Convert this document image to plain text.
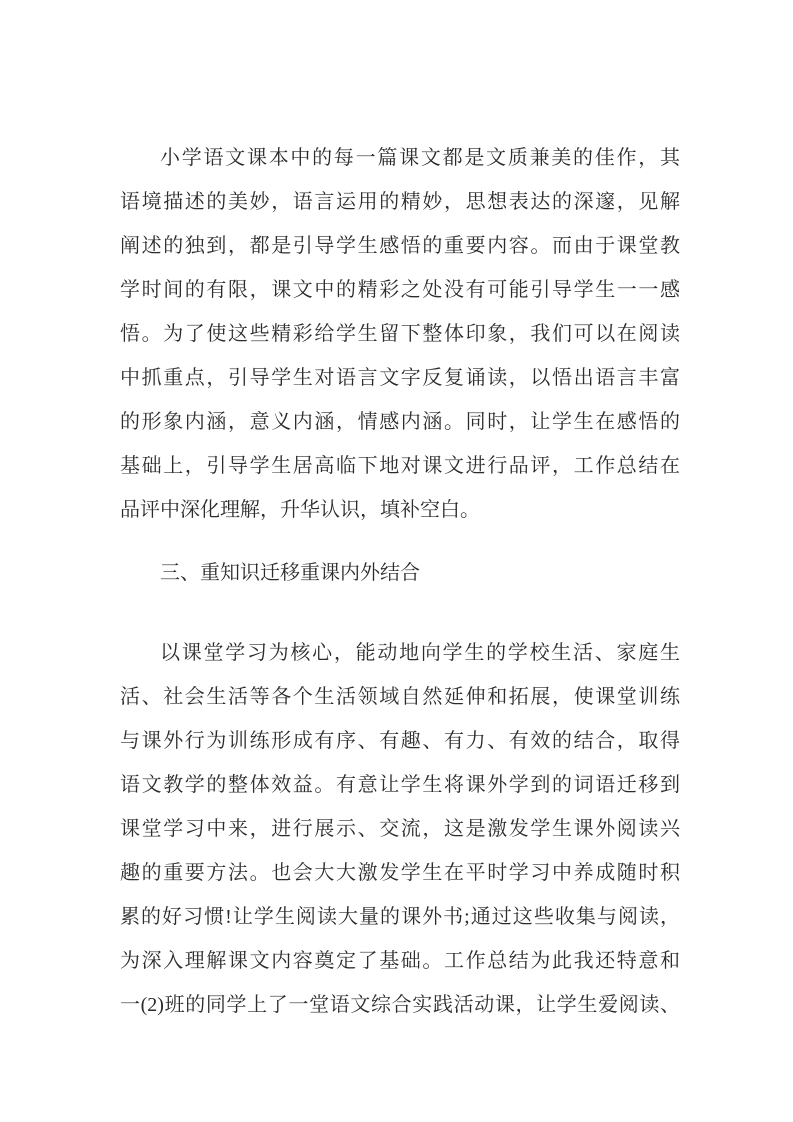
小学语文课本中的每一篇课文都是文质兼美的佳作，其
语境描述的美妙，语言运用的精妙，思想表达的深邃，见解
阐述的独到，都是引导学生感悟的重要内容。而由于课堂教
学时间的有限，课文中的精彩之处没有可能引导学生一一感
悟。为了使这些精彩给学生留下整体印象，我们可以在阅读
中抓重点，引导学生对语言文字反复诵读，以悟出语言丰富
的形象内涵，意义内涵，情感内涵。同时，让学生在感悟的
基础上，引导学生居高临下地对课文进行品评，工作总结在
品评中深化理解，升华认识，填补空白。
三、重知识迁移重课内外结合
以课堂学习为核心，能动地向学生的学校生活、家庭生
活、社会生活等各个生活领域自然延伸和拓展，使课堂训练
与课外行为训练形成有序、有趣、有力、有效的结合，取得
语文教学的整体效益。有意让学生将课外学到的词语迁移到
课堂学习中来，进行展示、交流，这是激发学生课外阅读兴
趣的重要方法。也会大大激发学生在平时学习中养成随时积
累的好习惯!让学生阅读大量的课外书;通过这些收集与阅读，
为深入理解课文内容奠定了基础。工作总结为此我还特意和
一(2)班的同学上了一堂语文综合实践活动课，让学生爱阅读、
